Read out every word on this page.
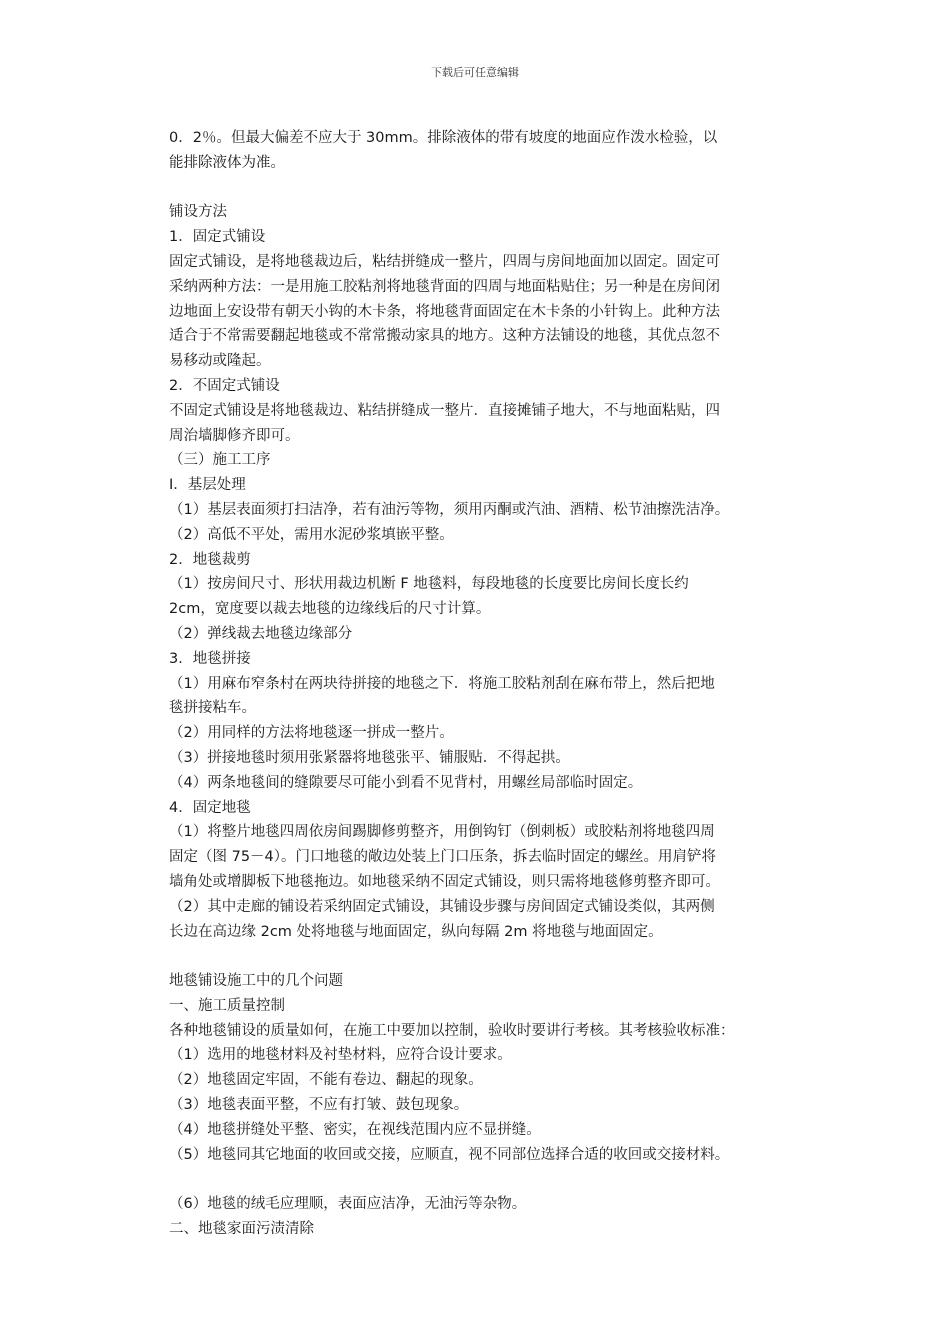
下载后可任意编辑
0．2％。但最大偏差不应大于 30mm。排除液体的带有坡度的地面应作泼水检验，以
能排除液体为准。
铺设方法
1．固定式铺设
固定式铺设，是将地毯裁边后，粘结拼缝成一整片，四周与房间地面加以固定。固定可
采纳两种方法：一是用施工胶粘剂将地毯背面的四周与地面粘贴住；另一种是在房间闭
边地面上安设带有朝天小钩的木卡条，将地毯背面固定在木卡条的小针钩上。此种方法
适合于不常需要翻起地毯或不常常搬动家具的地方。这种方法铺设的地毯，其优点忽不
易移动或隆起。
2．不固定式铺设
不固定式铺设是将地毯裁边、粘结拼缝成一整片．直接摊铺子地大，不与地面粘贴，四
周治墙脚修齐即可。
（三）施工工序
I．基层处理
（1）基层表面须打扫洁净，若有油污等物，须用丙酮或汽油、酒精、松节油擦洗洁净。
（2）高低不平处，需用水泥砂浆填嵌平整。
2．地毯裁剪
（1）按房间尺寸、形状用裁边机断 F 地毯料，每段地毯的长度要比房间长度长约
2cm，宽度要以裁去地毯的边缘线后的尺寸计算。
（2）弹线裁去地毯边缘部分
3．地毯拼接
（1）用麻布窄条村在两块待拼接的地毯之下．将施工胶粘剂刮在麻布带上，然后把地
毯拼接粘车。
（2）用同样的方法将地毯逐一拼成一整片。
（3）拼接地毯时须用张紧器将地毯张平、铺服贴．不得起拱。
（4）两条地毯间的缝隙要尽可能小到看不见背村，用螺丝局部临时固定。
4．固定地毯
（1）将整片地毯四周依房间踢脚修剪整齐，用倒钩钉（倒刺板）或胶粘剂将地毯四周
固定（图 75－4）。门口地毯的敞边处装上门口压条，拆去临时固定的螺丝。用肩铲将
墙角处或增脚板下地毯拖边。如地毯采纳不固定式铺设，则只需将地毯修剪整齐即可。
（2）其中走廊的铺设若采纳固定式铺设，其铺设步骤与房间固定式铺设类似，其两侧
长边在高边缘 2cm 处将地毯与地面固定，纵向每隔 2m 将地毯与地面固定。
地毯铺设施工中的几个问题
一、施工质量控制
各种地毯铺设的质量如何，在施工中要加以控制，验收时要讲行考核。其考核验收标准：
（1）选用的地毯材料及衬垫材料，应符合设计要求。
（2）地毯固定牢固，不能有卷边、翻起的现象。
（3）地毯表面平整，不应有打皱、鼓包现象。
（4）地毯拼缝处平整、密实，在视线范围内应不显拼缝。
（5）地毯同其它地面的收回或交接，应顺直，视不同部位选择合适的收回或交接材料。
（6）地毯的绒毛应理顺，表面应洁净，无油污等杂物。
二、地毯家面污渍清除
